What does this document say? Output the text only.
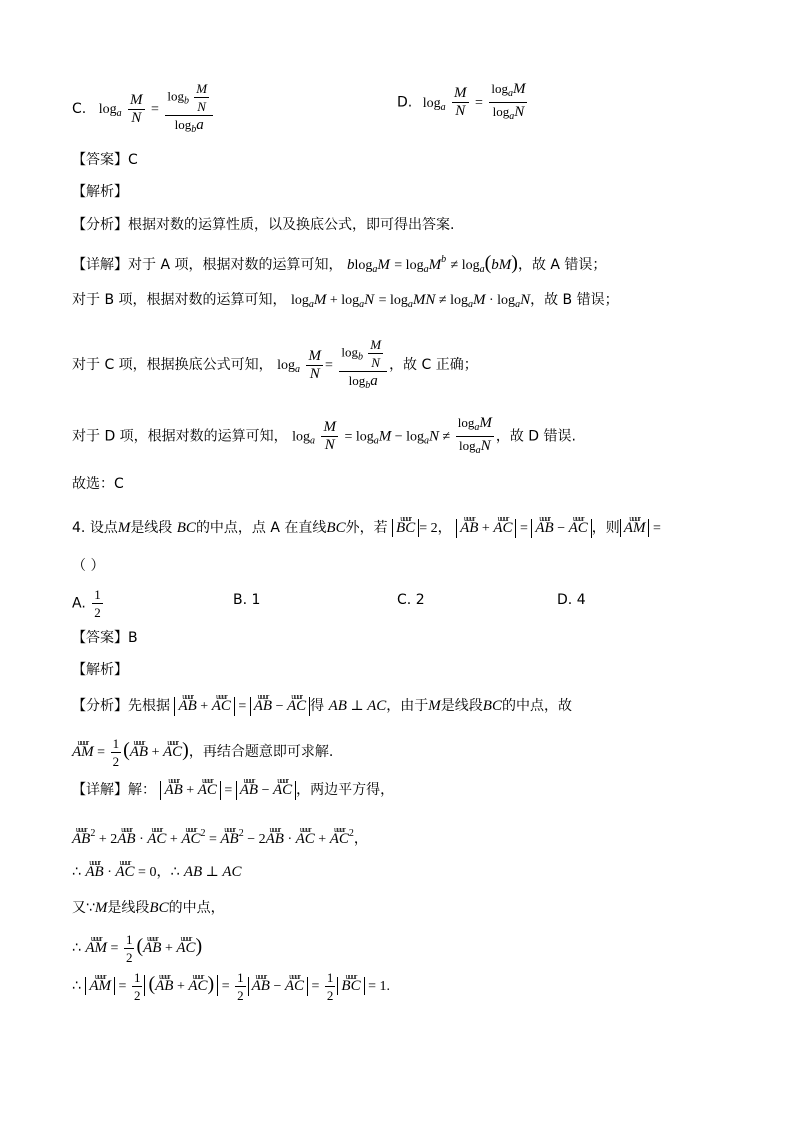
C. $\log_a \frac{M}{N} = \frac{\log_b \frac{M}{N}}{\log_ba}$	D. $\log_a \frac{M}{N} = \frac{\log_aM}{\log_aN}$
【答案】C
【解析】
【分析】根据对数的运算性质，以及换底公式，即可得出答案.
【详解】对于 A 项，根据对数的运算可知， $blog_aM = \log_aM^b \ne \log_a(bM)$，故 A 错误；
对于 B 项，根据对数的运算可知， $\log_aM + \log_aN = \log_aMN \ne \log_aM \cdot \log_aN$，故 B 错误；
对于 C 项，根据换底公式可知， $\log_a \frac{M}{N} = \frac{\log_b \frac{M}{N}}{\log_ba}$ ，故 C 正确；
对于 D 项，根据对数的运算可知， $\log_a \frac{M}{N} = \log_aM - \log_aN \ne \frac{\log_aM}{\log_aN}$ ，故 D 错误.
故选：C
4. 设点M是线段 BC的中点，点 A 在直线BC外，若 uuur BC = 2， uuur AB + uuur AC = uuur AB − uuur AC ，则 uuur AM =
（ ）
A. $\frac{1}{2}$	B. 1	C. 2	D. 4
【答案】B
【解析】
【分析】先根据 uuur AB + uuur AC = uuur AB − uuur AC 得 AB ⊥ AC，由于M是线段BC的中点，故
uuur AM = $\frac{1}{2}$ (uuur AB + uuur AC)，再结合题意即可求解.
【详解】解： uuur AB + uuur AC = uuur AB − uuur AC ，两边平方得，
uuur $AB^2$ + 2uuur AB · uuur AC + uuur $AC^2$ = uuur $AB^2$ − 2uuur AB · uuur AC + uuur $AC^2$，
∴ uuur AB · uuur AC = 0，∴ AB ⊥ AC
又∵M是线段BC的中点，
∴ uuur AM = $\frac{1}{2}$ (uuur AB + uuur AC)
∴ uuur AM = $\frac{1}{2}$ (uuur AB + uuur $AC) = \frac{1}{2}$ uuur AB − uuur AC = $\frac{1}{2}$ uuur BC = 1.
